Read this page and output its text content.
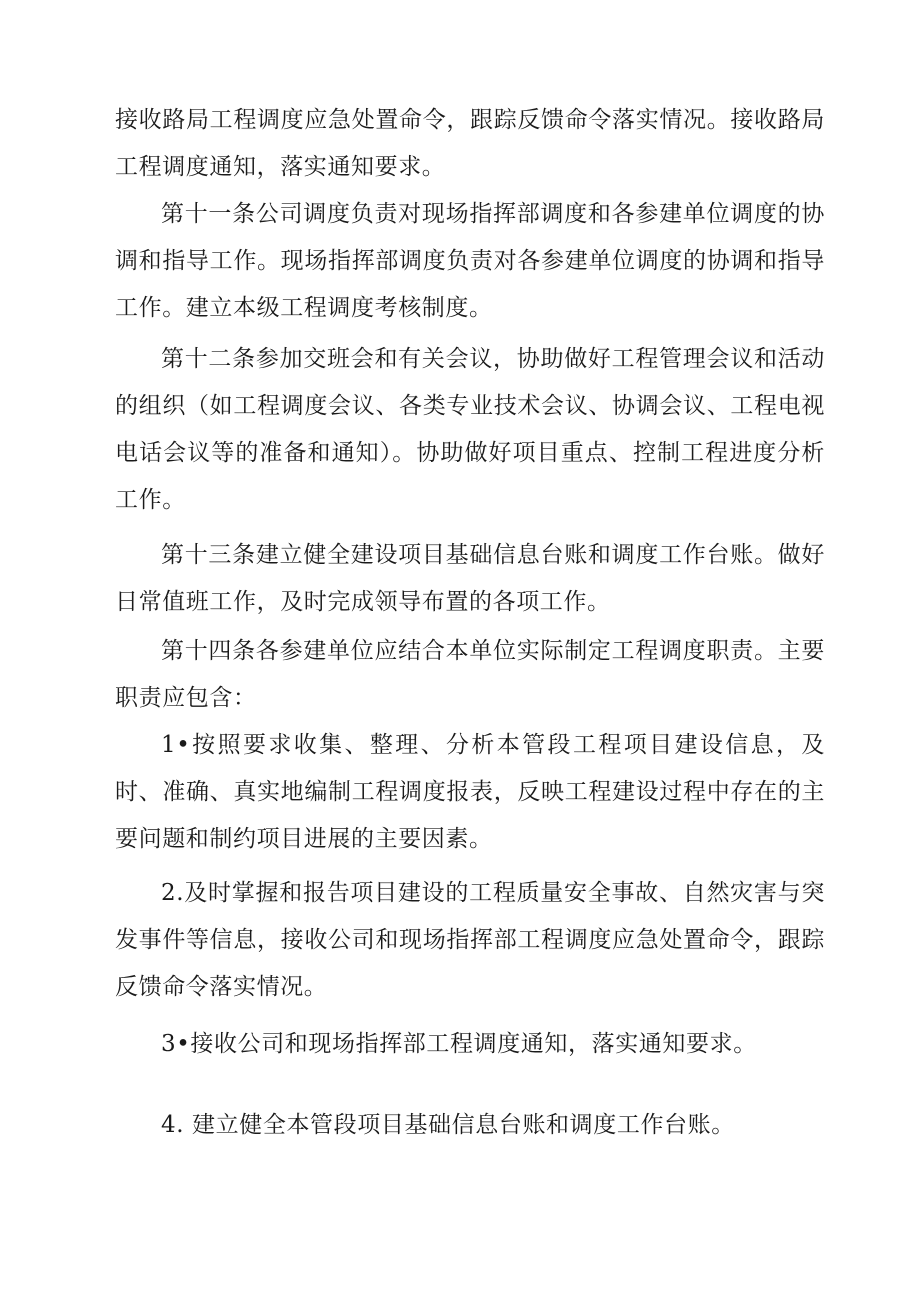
接收路局工程调度应急处置命令，跟踪反馈命令落实情况。接收路局工程调度通知，落实通知要求。

第十一条公司调度负责对现场指挥部调度和各参建单位调度的协调和指导工作。现场指挥部调度负责对各参建单位调度的协调和指导工作。建立本级工程调度考核制度。

第十二条参加交班会和有关会议，协助做好工程管理会议和活动的组织（如工程调度会议、各类专业技术会议、协调会议、工程电视电话会议等的准备和通知）。协助做好项目重点、控制工程进度分析工作。

第十三条建立健全建设项目基础信息台账和调度工作台账。做好日常值班工作，及时完成领导布置的各项工作。

第十四条各参建单位应结合本单位实际制定工程调度职责。主要职责应包含：

1•按照要求收集、整理、分析本管段工程项目建设信息，及时、准确、真实地编制工程调度报表，反映工程建设过程中存在的主要问题和制约项目进展的主要因素。

2.及时掌握和报告项目建设的工程质量安全事故、自然灾害与突发事件等信息，接收公司和现场指挥部工程调度应急处置命令，跟踪反馈命令落实情况。

3•接收公司和现场指挥部工程调度通知，落实通知要求。

4. 建立健全本管段项目基础信息台账和调度工作台账。
